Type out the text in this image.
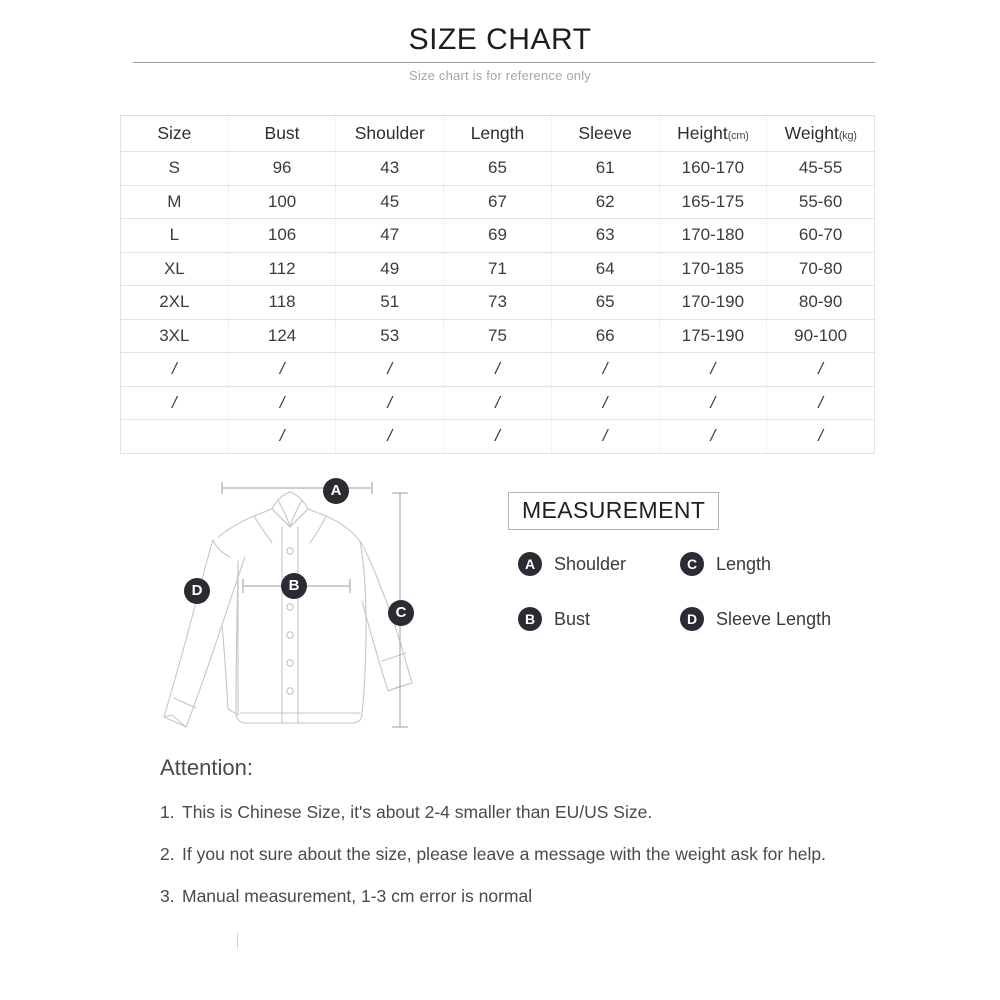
SIZE CHART
Size chart is for reference only
Size	Bust	Shoulder	Length	Sleeve	Height(cm)	Weight(kg)
S	96	43	65	61	160-170	45-55
M	100	45	67	62	165-175	55-60
L	106	47	69	63	170-180	60-70
XL	112	49	71	64	170-185	70-80
2XL	118	51	73	65	170-190	80-90
3XL	124	53	75	66	175-190	90-100
/	/	/	/	/	/	/
/	/	/	/	/	/	/
	/	/	/	/	/	/
A
B
C
D
MEASUREMENT
A	Shoulder	C	Length
B	Bust	D	Sleeve Length
Attention:
1. This is Chinese Size, it's about 2-4 smaller than EU/US Size.
2. If you not sure about the size, please leave a message with the weight ask for help.
3. Manual measurement, 1-3 cm error is normal
